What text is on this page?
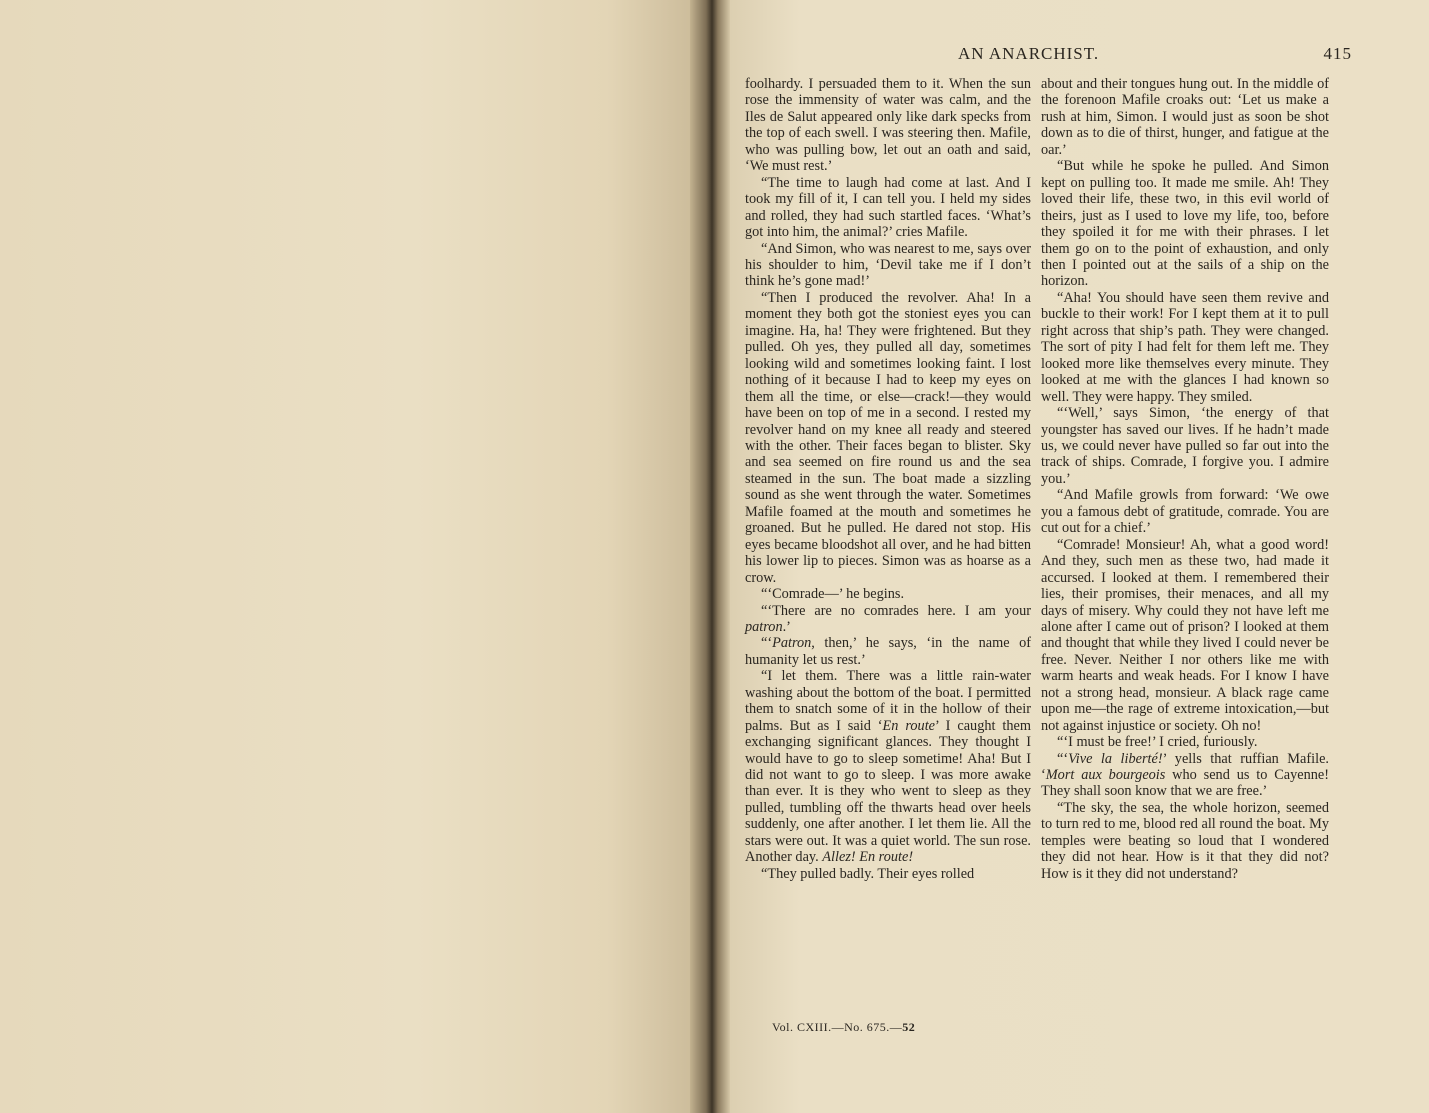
AN ANARCHIST.	415

foolhardy. I persuaded them to it. When the sun rose the immensity of water was calm, and the Iles de Salut appeared only like dark specks from the top of each swell. I was steering then. Mafile, who was pulling bow, let out an oath and said, ‘We must rest.’

“The time to laugh had come at last. And I took my fill of it, I can tell you. I held my sides and rolled, they had such startled faces. ‘What’s got into him, the animal?’ cries Mafile.

“And Simon, who was nearest to me, says over his shoulder to him, ‘Devil take me if I don’t think he’s gone mad!’

“Then I produced the revolver. Aha! In a moment they both got the stoniest eyes you can imagine. Ha, ha! They were frightened. But they pulled. Oh yes, they pulled all day, sometimes looking wild and sometimes looking faint. I lost nothing of it because I had to keep my eyes on them all the time, or else—crack!—they would have been on top of me in a second. I rested my revolver hand on my knee all ready and steered with the other. Their faces began to blister. Sky and sea seemed on fire round us and the sea steamed in the sun. The boat made a sizzling sound as she went through the water. Sometimes Mafile foamed at the mouth and sometimes he groaned. But he pulled. He dared not stop. His eyes became bloodshot all over, and he had bitten his lower lip to pieces. Simon was as hoarse as a crow.

“‘Comrade—’ he begins.

“‘There are no comrades here. I am your patron.’

“‘Patron, then,’ he says, ‘in the name of humanity let us rest.’

“I let them. There was a little rain-water washing about the bottom of the boat. I permitted them to snatch some of it in the hollow of their palms. But as I said ‘En route’ I caught them exchanging significant glances. They thought I would have to go to sleep sometime! Aha! But I did not want to go to sleep. I was more awake than ever. It is they who went to sleep as they pulled, tumbling off the thwarts head over heels suddenly, one after another. I let them lie. All the stars were out. It was a quiet world. The sun rose. Another day. Allez! En route!

“They pulled badly. Their eyes rolled

about and their tongues hung out. In the middle of the forenoon Mafile croaks out: ‘Let us make a rush at him, Simon. I would just as soon be shot down as to die of thirst, hunger, and fatigue at the oar.’

“But while he spoke he pulled. And Simon kept on pulling too. It made me smile. Ah! They loved their life, these two, in this evil world of theirs, just as I used to love my life, too, before they spoiled it for me with their phrases. I let them go on to the point of exhaustion, and only then I pointed out at the sails of a ship on the horizon.

“Aha! You should have seen them revive and buckle to their work! For I kept them at it to pull right across that ship’s path. They were changed. The sort of pity I had felt for them left me. They looked more like themselves every minute. They looked at me with the glances I had known so well. They were happy. They smiled.

“‘Well,’ says Simon, ‘the energy of that youngster has saved our lives. If he hadn’t made us, we could never have pulled so far out into the track of ships. Comrade, I forgive you. I admire you.’

“And Mafile growls from forward: ‘We owe you a famous debt of gratitude, comrade. You are cut out for a chief.’

“Comrade! Monsieur! Ah, what a good word! And they, such men as these two, had made it accursed. I looked at them. I remembered their lies, their promises, their menaces, and all my days of misery. Why could they not have left me alone after I came out of prison? I looked at them and thought that while they lived I could never be free. Never. Neither I nor others like me with warm hearts and weak heads. For I know I have not a strong head, monsieur. A black rage came upon me—the rage of extreme intoxication,—but not against injustice or society. Oh no!

“‘I must be free!’ I cried, furiously.

“‘Vive la liberté!’ yells that ruffian Mafile. ‘Mort aux bourgeois who send us to Cayenne! They shall soon know that we are free.’

“The sky, the sea, the whole horizon, seemed to turn red to me, blood red all round the boat. My temples were beating so loud that I wondered they did not hear. How is it that they did not? How is it they did not understand?

Vol. CXIII.—No. 675.—52
